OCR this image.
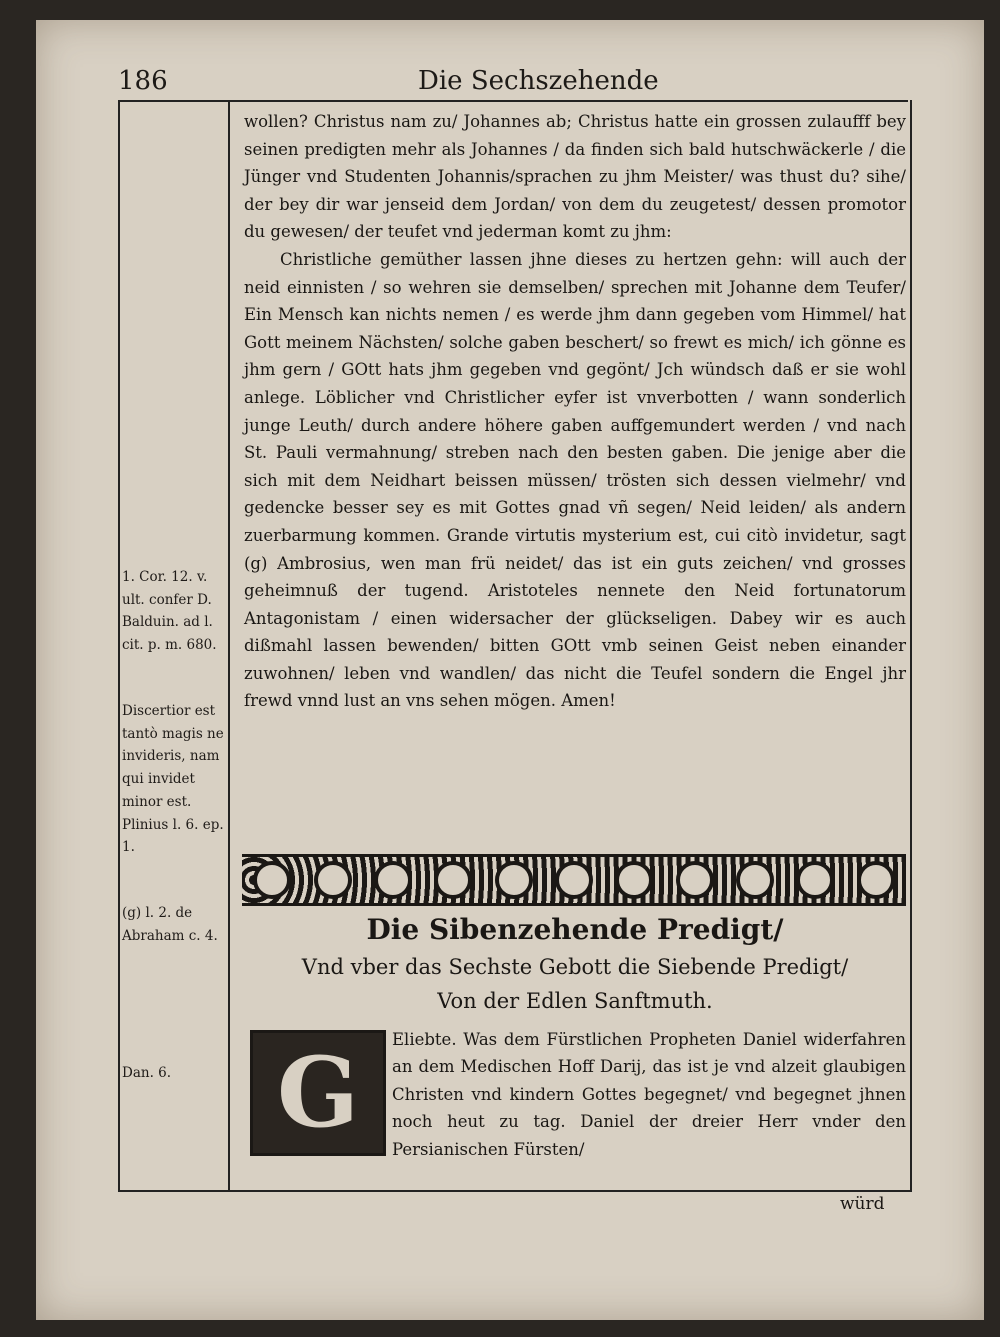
186	Die Sechszehende

wollen? Christus nam zu/ Johannes ab; Christus hatte ein grossen zulaufff bey seinen predigten mehr als Johannes / da finden sich bald hutschwäckerle / die Jünger vnd Studenten Johannis/sprachen zu jhm Meister/ was thust du? sihe/ der bey dir war jenseid dem Jordan/ von dem du zeugetest/ dessen promotor du gewesen/ der teufet vnd jederman komt zu jhm:

Christliche gemüther lassen jhne dieses zu hertzen gehn: will auch der neid einnisten / so wehren sie demselben/ sprechen mit Johanne dem Teufer/ Ein Mensch kan nichts nemen / es werde jhm dann gegeben vom Himmel/ hat Gott meinem Nächsten/ solche gaben beschert/ so frewt es mich/ ich gönne es jhm gern / GOtt hats jhm gegeben vnd gegönt/ Jch wündsch daß er sie wohl anlege. Löblicher vnd Christlicher eyfer ist vnverbotten / wann sonderlich junge Leuth/ durch andere höhere gaben auffgemundert werden / vnd nach St. Pauli vermahnung/ streben nach den besten gaben. Die jenige aber die sich mit dem Neidhart beissen müssen/ trösten sich dessen vielmehr/ vnd gedencke besser sey es mit Gottes gnad vñ segen/ Neid leiden/ als andern zuerbarmung kommen. Grande virtutis mysterium est, cui citò invidetur, sagt (g) Ambrosius, wen man frü neidet/ das ist ein guts zeichen/ vnd grosses geheimnuß der tugend. Aristoteles nennete den Neid fortunatorum Antagonistam / einen widersacher der glückseligen. Dabey wir es auch dißmahl lassen bewenden/ bitten GOtt vmb seinen Geist neben einander zuwohnen/ leben vnd wandlen/ das nicht die Teufel sondern die Engel jhr frewd vnnd lust an vns sehen mögen. Amen!

1. Cor. 12. v. ult. confer D. Balduin. ad l. cit. p. m. 680.

Discertior est tantò magis ne invideris, nam qui invidet minor est. Plinius l. 6. ep. 1.

(g) l. 2. de Abraham c. 4.

Dan. 6.

Die Sibenzehende Predigt/
Vnd vber das Sechste Gebott die Siebende Predigt/
Von der Edlen Sanftmuth.
G	Eliebte. Was dem Fürstlichen Propheten Daniel widerfahren an dem Medischen Hoff Darij, das ist je vnd alzeit glaubigen Christen vnd kindern Gottes begegnet/ vnd begegnet jhnen noch heut zu tag. Daniel der dreier Herr vnder den Persianischen Fürsten/
würd
